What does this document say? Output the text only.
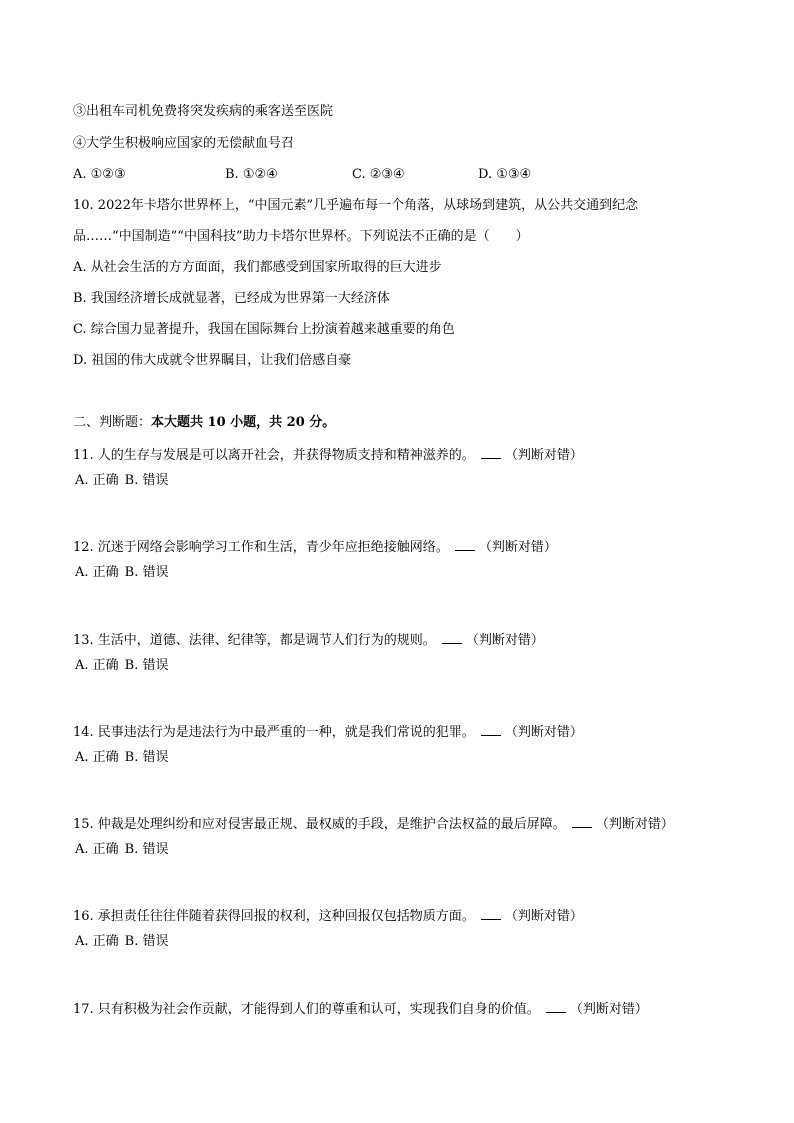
③出租车司机免费将突发疾病的乘客送至医院
④大学生积极响应国家的无偿献血号召
A. ①②③	B. ①②④	C. ②③④	D. ①③④
10. 2022年卡塔尔世界杯上，“中国元素”几乎遍布每一个角落，从球场到建筑，从公共交通到纪念
品……“中国制造”“中国科技”助力卡塔尔世界杯。下列说法不正确的是（　　）
A. 从社会生活的方方面面，我们都感受到国家所取得的巨大进步
B. 我国经济增长成就显著，已经成为世界第一大经济体
C. 综合国力显著提升，我国在国际舞台上扮演着越来越重要的角色
D. 祖国的伟大成就令世界瞩目，让我们倍感自豪
二、判断题：本大题共 10 小题，共 20 分。
11. 人的生存与发展是可以离开社会，并获得物质支持和精神滋养的。 （判断对错）
A. 正确 B. 错误
12. 沉迷于网络会影响学习工作和生活，青少年应拒绝接触网络。 （判断对错）
A. 正确 B. 错误
13. 生活中，道德、法律、纪律等，都是调节人们行为的规则。 （判断对错）
A. 正确 B. 错误
14. 民事违法行为是违法行为中最严重的一种，就是我们常说的犯罪。 （判断对错）
A. 正确 B. 错误
15. 仲裁是处理纠纷和应对侵害最正规、最权威的手段，是维护合法权益的最后屏障。 （判断对错）
A. 正确 B. 错误
16. 承担责任往往伴随着获得回报的权利，这种回报仅包括物质方面。 （判断对错）
A. 正确 B. 错误
17. 只有积极为社会作贡献，才能得到人们的尊重和认可，实现我们自身的价值。 （判断对错）
